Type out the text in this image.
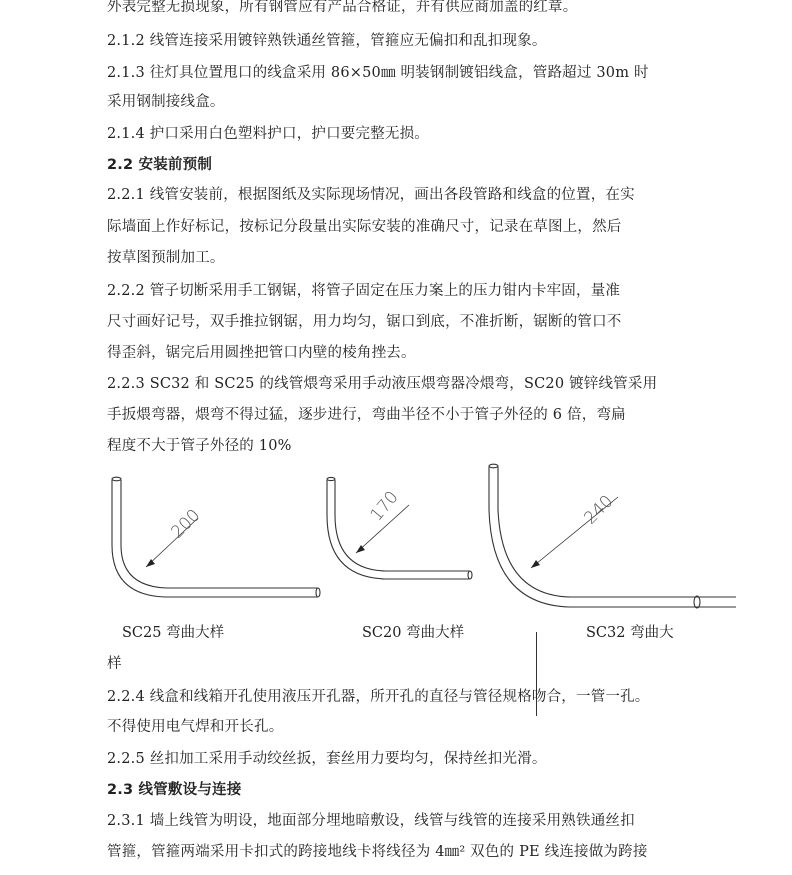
外表完整无损现象，所有钢管应有产品合格证，并有供应商加盖的红章。
2.1.2 线管连接采用镀锌熟铁通丝管箍，管箍应无偏扣和乱扣现象。
2.1.3 往灯具位置甩口的线盒采用 86×50㎜ 明装钢制镀铝线盒，管路超过 30m 时
采用钢制接线盒。
2.1.4 护口采用白色塑料护口，护口要完整无损。
2.2 安装前预制
2.2.1 线管安装前，根据图纸及实际现场情况，画出各段管路和线盒的位置，在实
际墙面上作好标记，按标记分段量出实际安装的准确尺寸，记录在草图上，然后
按草图预制加工。
2.2.2 管子切断采用手工钢锯，将管子固定在压力案上的压力钳内卡牢固，量准
尺寸画好记号，双手推拉钢锯，用力均匀，锯口到底，不准折断，锯断的管口不
得歪斜，锯完后用圆挫把管口内壁的棱角挫去。
2.2.3 SC32 和 SC25 的线管煨弯采用手动液压煨弯器冷煨弯，SC20 镀锌线管采用
手扳煨弯器，煨弯不得过猛，逐步进行，弯曲半径不小于管子外径的 6 倍，弯扁
程度不大于管子外径的 10%
200	170	240
SC25 弯曲大样	SC20 弯曲大样	SC32 弯曲大
样
2.2.4 线盒和线箱开孔使用液压开孔器，所开孔的直径与管径规格吻合，一管一孔。
不得使用电气焊和开长孔。
2.2.5 丝扣加工采用手动绞丝扳，套丝用力要均匀，保持丝扣光滑。
2.3 线管敷设与连接
2.3.1 墙上线管为明设，地面部分埋地暗敷设，线管与线管的连接采用熟铁通丝扣
管箍，管箍两端采用卡扣式的跨接地线卡将线径为 4㎜² 双色的 PE 线连接做为跨接
